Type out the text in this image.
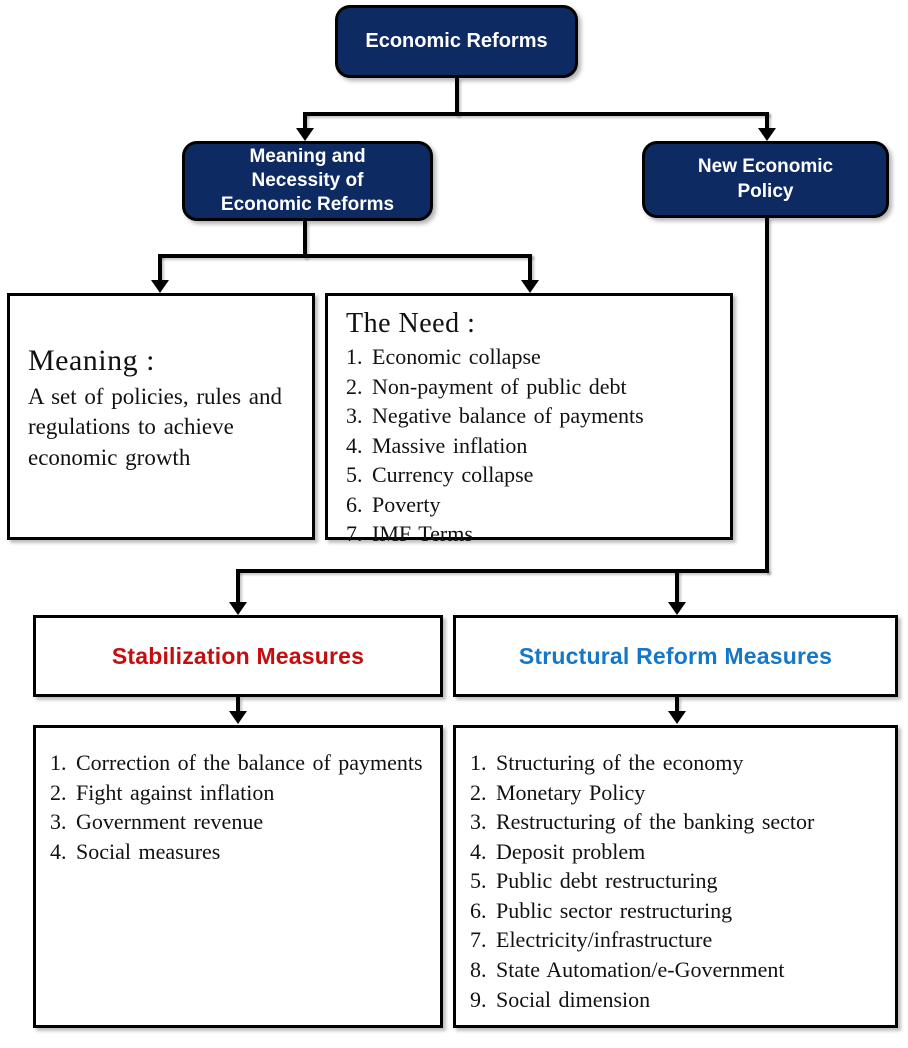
Economic Reforms
Meaning and Necessity of Economic Reforms
New Economic Policy
Meaning :
A set of policies, rules and regulations to achieve economic growth
The Need :
1. Economic collapse
2. Non-payment of public debt
3. Negative balance of payments
4. Massive inflation
5. Currency collapse
6. Poverty
7. IMF Terms
Stabilization Measures	Structural Reform Measures
1. Correction of the balance of payments
2. Fight against inflation
3. Government revenue
4. Social measures
1. Structuring of the economy
2. Monetary Policy
3. Restructuring of the banking sector
4. Deposit problem
5. Public debt restructuring
6. Public sector restructuring
7. Electricity/infrastructure
8. State Automation/e-Government
9. Social dimension
